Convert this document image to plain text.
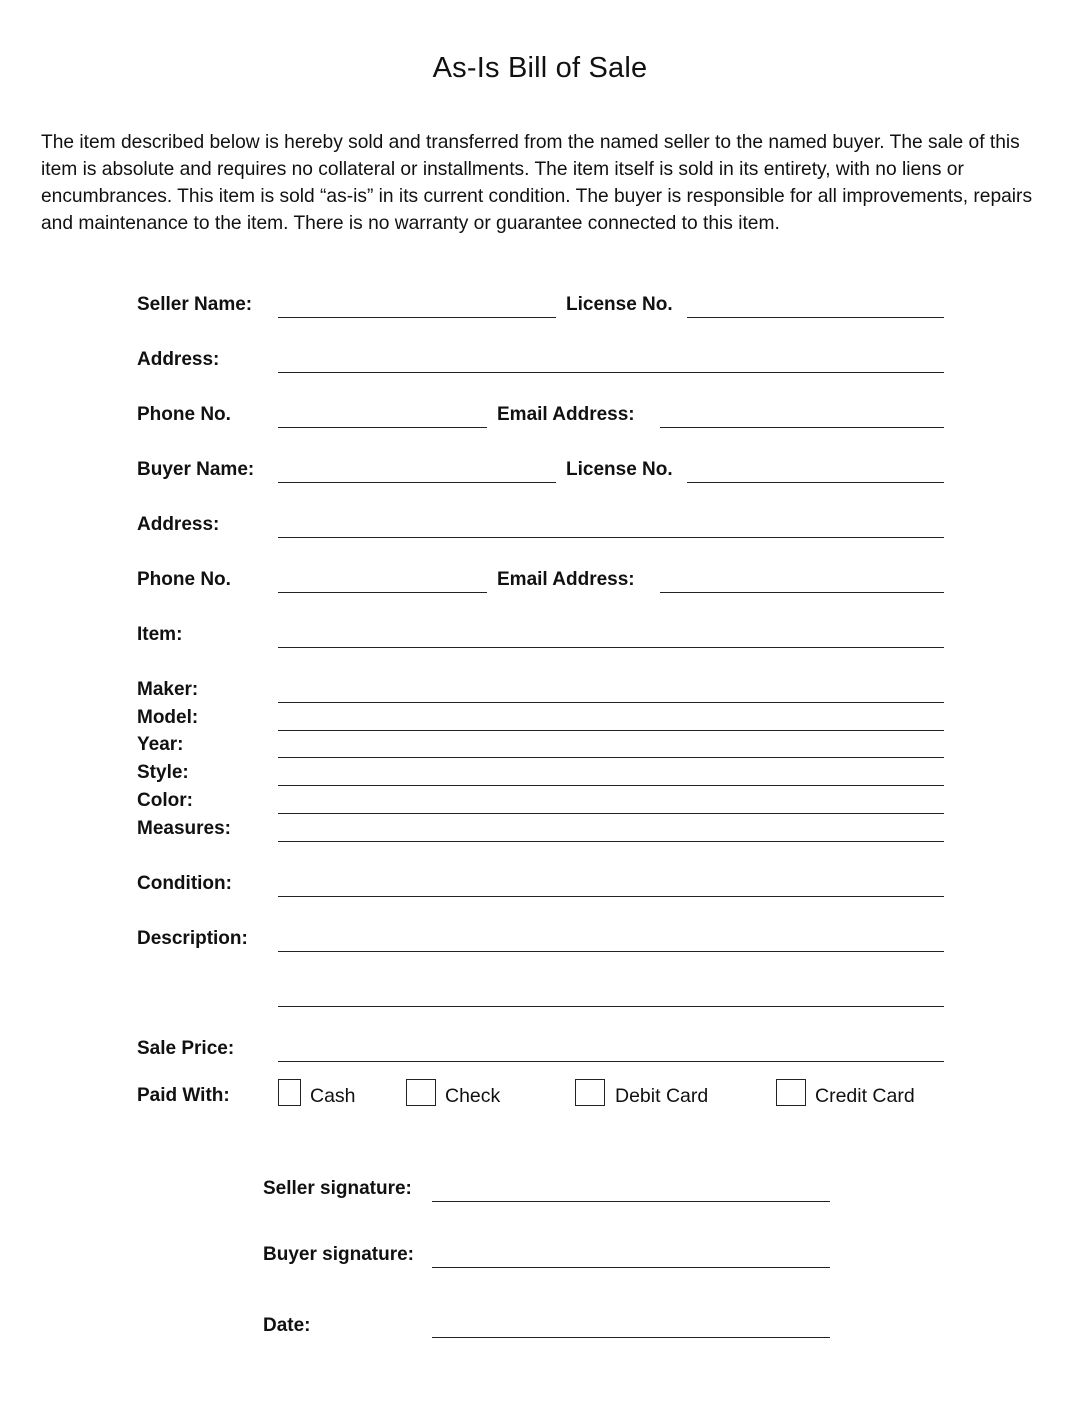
As-Is Bill of Sale

The item described below is hereby sold and transferred from the named seller to the named buyer. The sale of this item is absolute and requires no collateral or installments. The item itself is sold in its entirety, with no liens or encumbrances. This item is sold “as-is” in its current condition. The buyer is responsible for all improvements, repairs and maintenance to the item. There is no warranty or guarantee connected to this item.

Seller Name:	License No.
Address:
Phone No.	Email Address:
Buyer Name:	License No.
Address:
Phone No.	Email Address:
Item:
Maker:
Model:
Year:
Style:
Color:
Measures:
Condition:
Description:
Sale Price:
Paid With:	Cash	Check	Debit Card	Credit Card
Seller signature:
Buyer signature:
Date:
